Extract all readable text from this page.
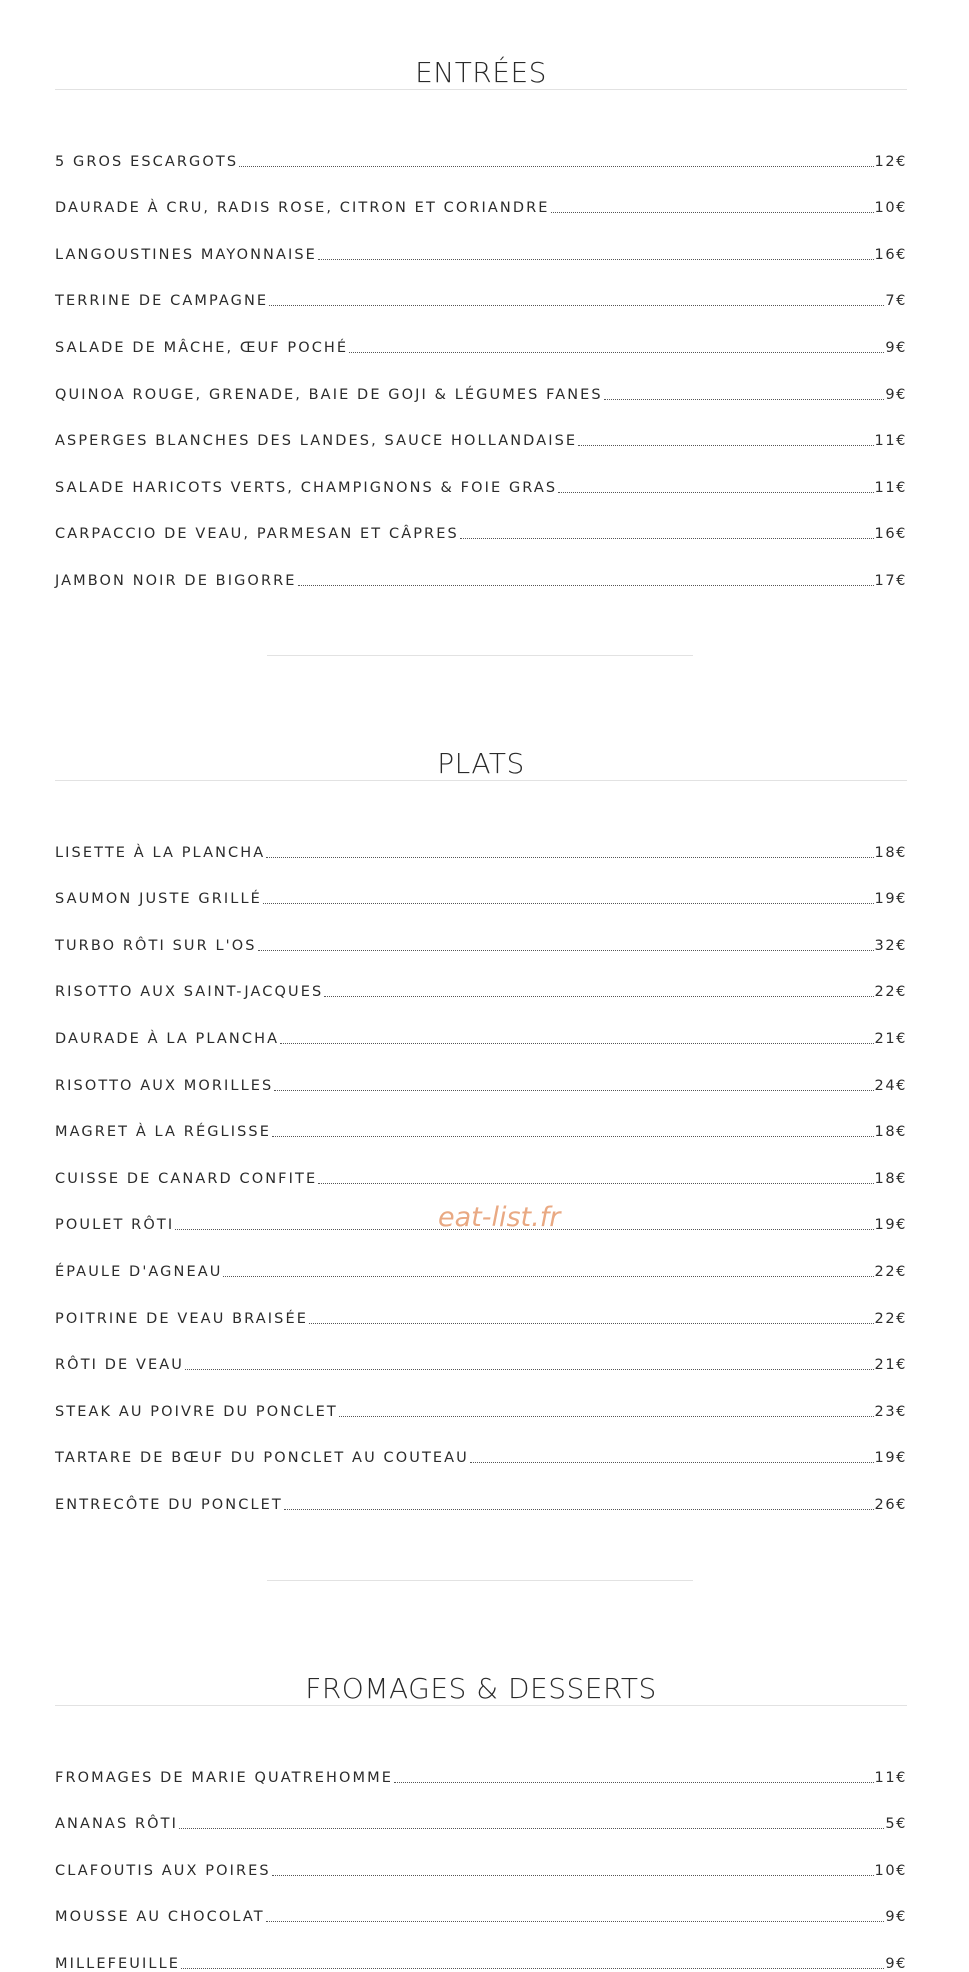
ENTRÉES
5 GROS ESCARGOTS	12€
DAURADE À CRU, RADIS ROSE, CITRON ET CORIANDRE	10€
LANGOUSTINES MAYONNAISE	16€
TERRINE DE CAMPAGNE	7€
SALADE DE MÂCHE, ŒUF POCHÉ	9€
QUINOA ROUGE, GRENADE, BAIE DE GOJI & LÉGUMES FANES	9€
ASPERGES BLANCHES DES LANDES, SAUCE HOLLANDAISE	11€
SALADE HARICOTS VERTS, CHAMPIGNONS & FOIE GRAS	11€
CARPACCIO DE VEAU, PARMESAN ET CÂPRES	16€
JAMBON NOIR DE BIGORRE	17€
PLATS
LISETTE À LA PLANCHA	18€
SAUMON JUSTE GRILLÉ	19€
TURBO RÔTI SUR L'OS	32€
RISOTTO AUX SAINT-JACQUES	22€
DAURADE À LA PLANCHA	21€
RISOTTO AUX MORILLES	24€
MAGRET À LA RÉGLISSE	18€
CUISSE DE CANARD CONFITE	18€
POULET RÔTI	19€
ÉPAULE D'AGNEAU	22€
POITRINE DE VEAU BRAISÉE	22€
RÔTI DE VEAU	21€
STEAK AU POIVRE DU PONCLET	23€
TARTARE DE BŒUF DU PONCLET AU COUTEAU	19€
ENTRECÔTE DU PONCLET	26€
FROMAGES & DESSERTS
FROMAGES DE MARIE QUATREHOMME	11€
ANANAS RÔTI	5€
CLAFOUTIS AUX POIRES	10€
MOUSSE AU CHOCOLAT	9€
MILLEFEUILLE	9€
eat-list.fr
